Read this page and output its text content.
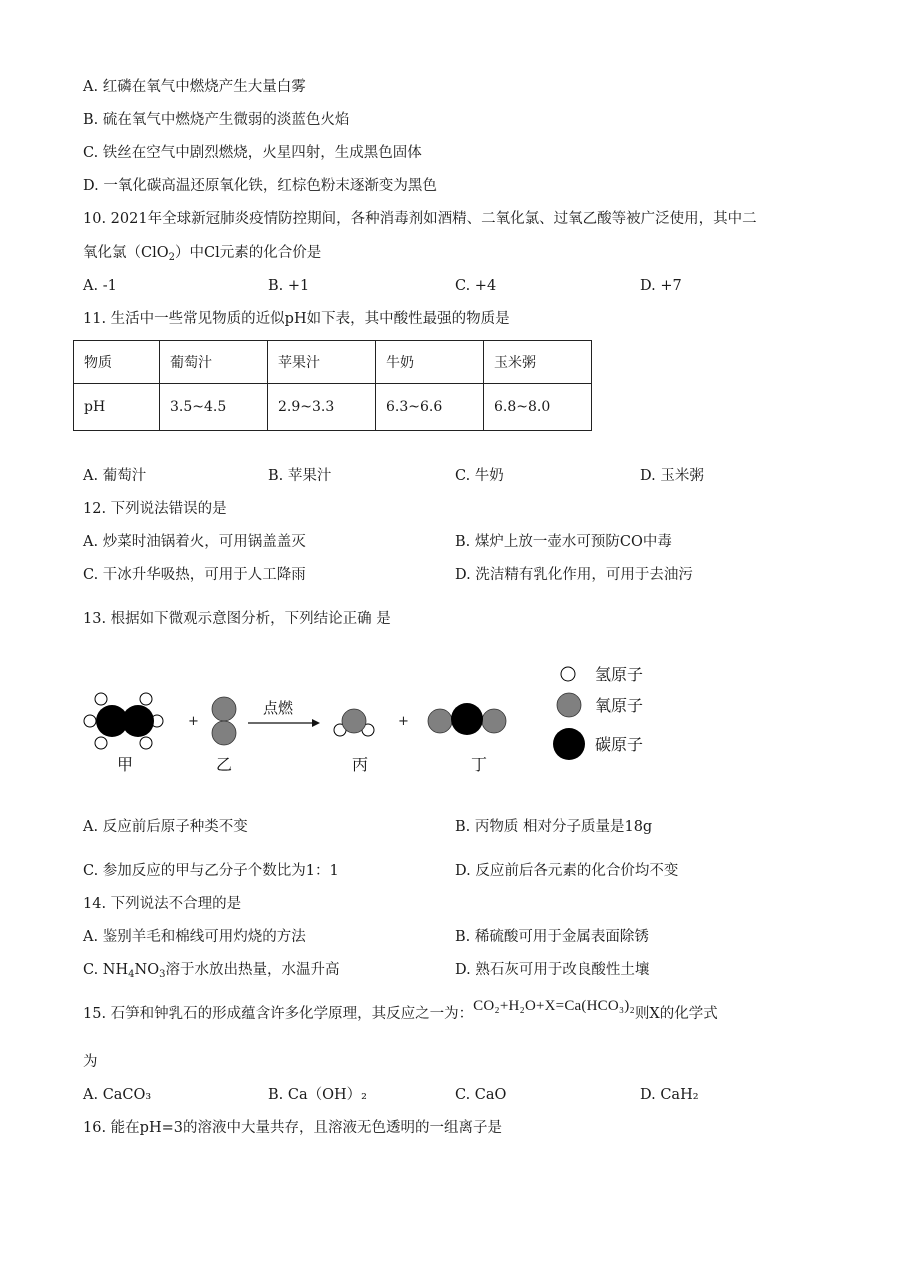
A. 红磷在氧气中燃烧产生大量白雾
B. 硫在氧气中燃烧产生微弱的淡蓝色火焰
C. 铁丝在空气中剧烈燃烧，火星四射，生成黑色固体
D. 一氧化碳高温还原氧化铁，红棕色粉末逐渐变为黑色
10. 2021年全球新冠肺炎疫情防控期间，各种消毒剂如酒精、二氧化氯、过氧乙酸等被广泛使用，其中二
氧化氯（ClO$_2$）中Cl元素的化合价是
A. -1	B. +1	C. +4	D. +7
11. 生活中一些常见物质的近似pH如下表，其中酸性最强的物质是
物质	葡萄汁	苹果汁	牛奶	玉米粥
pH	3.5~4.5	2.9~3.3	6.3~6.6	6.8~8.0
A. 葡萄汁	B. 苹果汁	C. 牛奶	D. 玉米粥
12. 下列说法错误的是
A. 炒菜时油锅着火，可用锅盖盖灭	B. 煤炉上放一壶水可预防CO中毒
C. 干冰升华吸热，可用于人工降雨	D. 洗洁精有乳化作用，可用于去油污
13. 根据如下微观示意图分析，下列结论正确 是
+
点燃
+
甲	乙	丙	丁
氢原子
氧原子
碳原子
A. 反应前后原子种类不变	B. 丙物质 相对分子质量是18g
C. 参加反应的甲与乙分子个数比为1：1	D. 反应前后各元素的化合价均不变
14. 下列说法不合理的是
A. 鉴别羊毛和棉线可用灼烧的方法	B. 稀硫酸可用于金属表面除锈
C. $NH_4NO_3$溶于水放出热量，水温升高	D. 熟石灰可用于改良酸性土壤
15. 石笋和钟乳石的形成蕴含许多化学原理，其反应之一为：CO₂+H₂O+X=Ca(HCO₃)₂则X的化学式
为
A. CaCO₃	B. Ca（OH）₂	C. CaO	D. CaH₂
16. 能在pH=3的溶液中大量共存，且溶液无色透明的一组离子是
